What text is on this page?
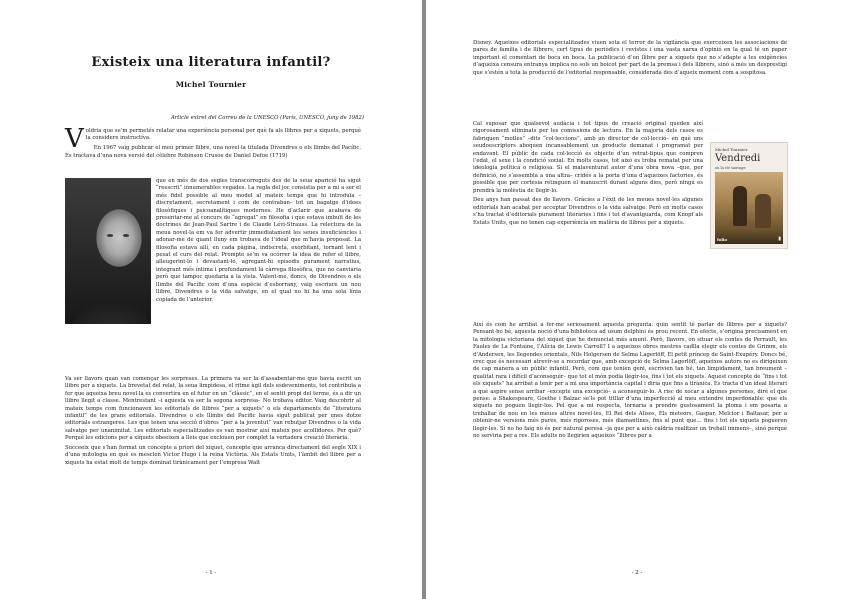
Existeix una literatura infantil?
Michel Tournier
Article extret del Correu de la UNESCO (París, UNESCO, juny de 1982)

Voldria que se’m permetés relatar una experiència personal per què fa als llibres per a xiquets, perquè la considere instructiva.

En 1967 vaig publicar el meu primer llibre, una novel·la titulada Divendres o els llimbs del Pacífic. És tractava d’una nova versió del cèlebre Robinson Crusoe de Daniel Defoe (1719)

que en més de dos segles transcorreguts des de la seua aparició ha sigut “reescrit” innumerables vegades. La regla del joc consistia per a mi a ser el més fidel possible al meu model al mateix temps que hi introduïa –discretament, secretament i com de contraban– tot un bagatge d’idees filosòfiques i psicoanalítiques modernes. He d’aclarir que acabava de presentar-me al concurs de “agregat” en filosofia i que estava imbuït de les doctrines de Jean-Paul Sartre i de Claude Lévi-Strauss. La relectura de la meua novel·la em va fer advertir immediatament les seues insuficiències i adonar-me de quant lluny em trobava de l’ideal que m’havia proposat. La filosofia estava allí, en cada pàgina, indiscreta, exorbitant, tornant lent i pesat el curs del relat. Prompte se’m va ocórrer la idea de refer el llibre, alleugerint-lo i devastant-lo, agregant-hi episodis purament narratius, integrant més íntima i profundament la càrrega filosòfica, que no canviaria però que tampoc quedaria a la vista. Valent-me, doncs, de Divendres o els llimbs del Pacífic com d’una espècie d’esborrany, vaig escriure un nou llibre, Divendres o la vida salvatge, en el qual no hi ha una sola línia copiada de l’anterior.

Va ser llavors quan van començar les sorpreses. La primera va ser la d’assabentar-me que havia escrit un llibre per a xiquets. La brevetat del relat, la seua limpidesa, el ritme àgil dels esdeveniments, tot contribuïa a fer que aqueixa breu novel·la es convertira en el futur en un “clàssic”, en el sentit propi del terme, és a dir un llibre llegit a classe. Mentrestant –i aquesta va ser la segona sorpresa– No trobava editor. Vaig descobrir al mateix temps com funcionaven les editorials de llibres “per a xiquets” o els departaments de “literatura infantil” de les grans editorials. Divendres o els llimbs del Pacífic havia sigut publicat per unes dotze editorials estrangeres. Les que tenen una secció d’obres “per a la joventut” van rebutjar Divendres o la vida salvatge per unanimitat. Les editorials especialitzades es van mostrar així mateix poc acollidores. Per què? Perquè les edicions per a xiquets obeeixen a lleis que exclouen per complet la vertadera creació literària.

Succeeix que s’han format un concepte a priori del xiquet, concepte que arranca directament del segle XIX i d’una mitologia en què es mesclen Víctor Hugo i la reina Victòria. Als Estats Units, l’àmbit del llibre per a xiquets ha estat molt de temps dominat tirànicament per l’empresa Walt

- 1 -

Disney. Aqueixes editorials especialitzades viuen sota el terror de la vigilància que exerceixen les associacions de pares de família i de llibrers, cert tipus de periòdics i revistes i una vasta xarxa d’opinió en la qual té un paper important el comentari de boca en boca. La publicació d’un llibre per a xiquets que no s’adapte a les exigències d’aqueixa censura entranya implica no sols un boicot per part de la premsa i dels llibrers, sinó a més un desprestigi que s’estén a tota la producció de l’editorial responsable, considerada des d’aqueix moment com a sospitosa.

Cal suposar que qualsevol audàcia i tot tipus de creació original queden així rigorosament eliminats per les comissions de lectura. En la majoria dels casos es fabriquen “motles” –dits “col·leccions”, amb un director de col·lecció– en què uns seudoescriptors aboquen incansablement un producte demanat i programat per endavant. El públic de cada col·lecció és objecte d’un retrat-tipus que compren l’edat, el sexe i la condició social. En molts casos, tot això es troba rematat per una ideologia política o religiosa. Si el malaventurat autor d’una obra nova –que, per definició, no s’assembla a una altra– cridés a la porta d’una d’aqueixes factories, és possible que per cortesia retinguen el manuscrit durant alguns dies, però ningú es prendrà la molèstia de llegir-lo.

Deu anys han passat des de llavors. Gràcies a l’èxit de les meues novel·les algunes editorials han acabat per acceptar Divendres o la vida salvatge. Però en molts casos s’ha tractat d’editorials purament literàries i fins i tot d’avantguarda, com Knopf als Estats Units, que no tenen cap experiència en matèria de llibres per a xiquets.

Michel Tournier
Vendredi
ou la vie sauvage
folio	▮

Així és com he arribat a fer-me seriosament aquesta pregunta: quin sentit té parlar de llibres per a xiquets? Pensant-ho bé, aquesta noció d’una biblioteca ad usum delphini és prou recent. En efecte, s’origina precisament en la mitologia victoriana del xiquet que he denunciat més amunt. Però, llavors, on situar els contes de Perrault, les Faules de La Fontaine, l’Alícia de Lewis Carroll? I a aqueixos obres mestres cadlla elegir els contes de Grimm, els d’Andersen, les llegendes orientals, Nils Holgersen de Selma Lagerlöff, El petit príncep de Saint-Exupéry. Doncs bé, crec que és necessari atrevir-se a recordar que, amb excepció de Selma Lagerlöff, aqueixos autors no es dirigeixen de cap manera a un públic infantil. Però, com que tenien geni, escrivien tan bé, tan límpidament, tan breument –qualitat rara i difícil d’aconseguir– que tot el món podia llegir-los, fins i tot els xiquets. Aquest concepte de “fins i tot els xiquets” ha arribat a tenir per a mi una importància capital i diria que fins a tirànica. Es tracta d’un ideal literari a què aspire sense arribar –excepte una excepció– a aconseguir-lo. A risc de xocar a algunes persones, diré el que pense: a Shakespeare, Goethe i Balzac se’ls pot titllar d’una imperfecció al meu entendre imperdonable: que els xiquets no poguen llegir-los. Pel que a mi respecta, tornaria a prendre gustosament la ploma i em posaria a treballar de nou en les meues altres novel·les, El Rei dels Alisos, Els meteors, Gaspar, Melcior i Baltasar, per a obtenir-ne versions més pures, més rigoroses, més diamantines, fins al punt que… fins i tot els xiquets pogueren llegir-les. Si no ho faig no és per natural peresa –ja que per a això caldria realitzar un treball immens–, sinó perquè no serviria per a res. Els adults no llegirien aqueixos “llibres per a

- 2 -
